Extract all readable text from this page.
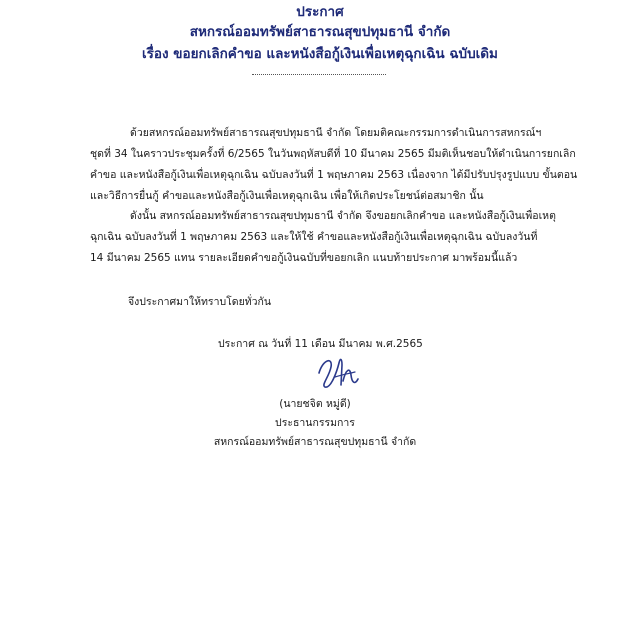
ประกาศ
สหกรณ์ออมทรัพย์สาธารณสุขปทุมธานี จำกัด
เรื่อง ขอยกเลิกคำขอ และหนังสือกู้เงินเพื่อเหตุฉุกเฉิน ฉบับเดิม
ด้วยสหกรณ์ออมทรัพย์สาธารณสุขปทุมธานี จำกัด โดยมติคณะกรรมการดำเนินการสหกรณ์ฯ
ชุดที่ 34 ในคราวประชุมครั้งที่ 6/2565 ในวันพฤหัสบดีที่ 10 มีนาคม 2565 มีมติเห็นชอบให้ดำเนินการยกเลิก
คำขอ และหนังสือกู้เงินเพื่อเหตุฉุกเฉิน ฉบับลงวันที่ 1 พฤษภาคม 2563 เนื่องจาก ได้มีปรับปรุงรูปแบบ ขั้นตอน
และวิธีการยื่นกู้ คำขอและหนังสือกู้เงินเพื่อเหตุฉุกเฉิน เพื่อให้เกิดประโยชน์ต่อสมาชิก นั้น
ดังนั้น สหกรณ์ออมทรัพย์สาธารณสุขปทุมธานี จำกัด จึงขอยกเลิกคำขอ และหนังสือกู้เงินเพื่อเหตุ
ฉุกเฉิน ฉบับลงวันที่ 1 พฤษภาคม 2563 และให้ใช้ คำขอและหนังสือกู้เงินเพื่อเหตุฉุกเฉิน ฉบับลงวันที่
14 มีนาคม 2565 แทน รายละเอียดคำขอกู้เงินฉบับที่ขอยกเลิก แนบท้ายประกาศ มาพร้อมนี้แล้ว
จึงประกาศมาให้ทราบโดยทั่วกัน
ประกาศ ณ วันที่ 11 เดือน มีนาคม พ.ศ.2565
(นายชจิต หมู่ดี)
ประธานกรรมการ
สหกรณ์ออมทรัพย์สาธารณสุขปทุมธานี จำกัด
